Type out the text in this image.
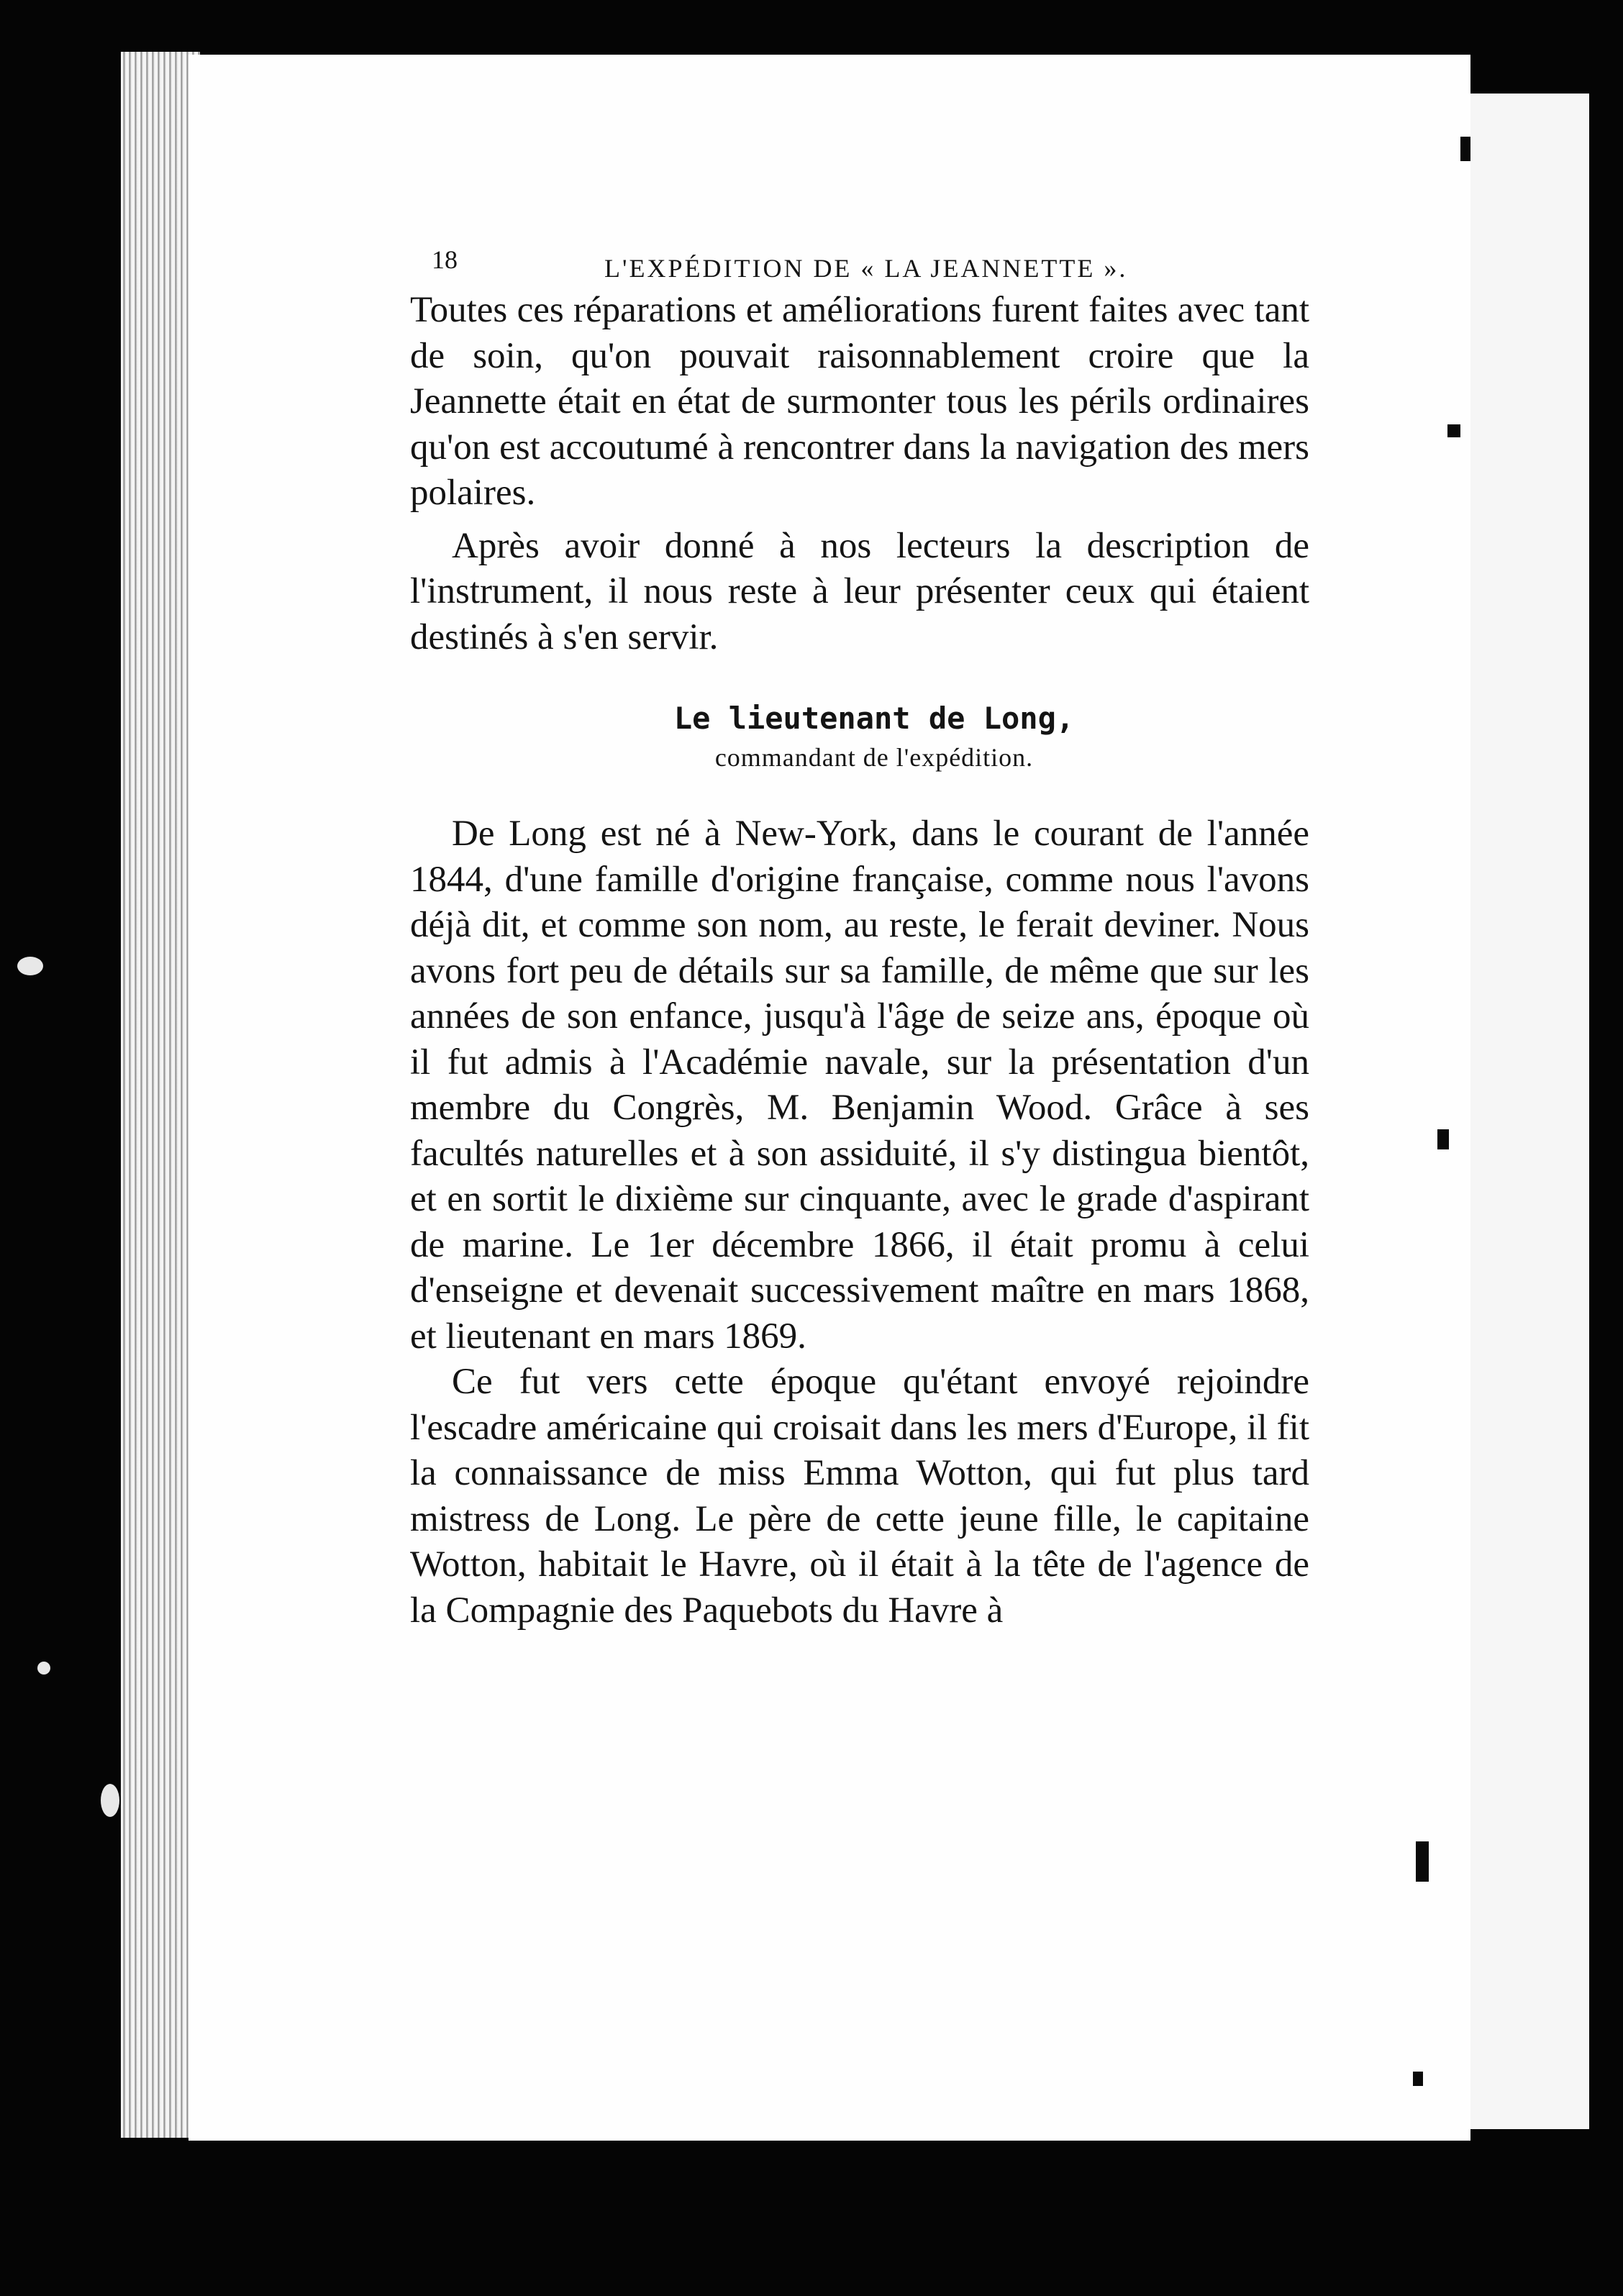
18	L'EXPÉDITION DE « LA JEANNETTE ».

Toutes ces réparations et améliorations furent faites avec tant de soin, qu'on pouvait raisonnablement croire que la Jeannette était en état de surmonter tous les périls ordinaires qu'on est accoutumé à rencontrer dans la navigation des mers polaires.

Après avoir donné à nos lecteurs la description de l'instrument, il nous reste à leur présenter ceux qui étaient destinés à s'en servir.

Le lieutenant de Long,
commandant de l'expédition.

De Long est né à New-York, dans le courant de l'année 1844, d'une famille d'origine française, comme nous l'avons déjà dit, et comme son nom, au reste, le ferait deviner. Nous avons fort peu de détails sur sa famille, de même que sur les années de son enfance, jusqu'à l'âge de seize ans, époque où il fut admis à l'Académie navale, sur la présentation d'un membre du Congrès, M. Benjamin Wood. Grâce à ses facultés naturelles et à son assiduité, il s'y distingua bientôt, et en sortit le dixième sur cinquante, avec le grade d'aspirant de marine. Le 1er décembre 1866, il était promu à celui d'enseigne et devenait successivement maître en mars 1868, et lieutenant en mars 1869.

Ce fut vers cette époque qu'étant envoyé rejoindre l'escadre américaine qui croisait dans les mers d'Europe, il fit la connaissance de miss Emma Wotton, qui fut plus tard mistress de Long. Le père de cette jeune fille, le capitaine Wotton, habitait le Havre, où il était à la tête de l'agence de la Compagnie des Paquebots du Havre à
